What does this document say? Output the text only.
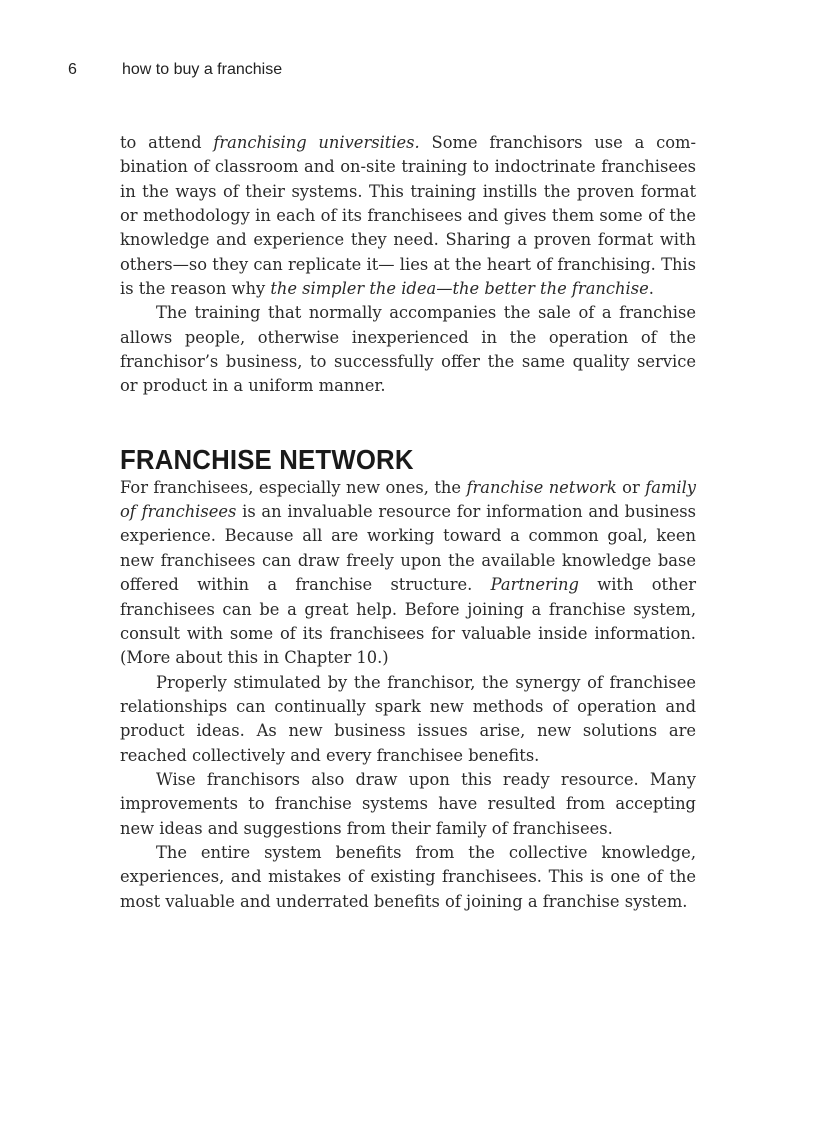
6	how to buy a franchise

to attend franchising universities. Some franchisors use a combination of classroom and on-site training to indoctrinate franchisees in the ways of their systems. This training instills the proven format or methodology in each of its franchisees and gives them some of the knowledge and experience they need. Sharing a proven format with others—so they can replicate it— lies at the heart of franchising. This is the reason why the simpler the idea—the better the franchise.

The training that normally accompanies the sale of a franchise allows people, otherwise inexperienced in the operation of the franchisor’s business, to successfully offer the same quality service or product in a uniform manner.

FRANCHISE NETWORK

For franchisees, especially new ones, the franchise network or family of franchisees is an invaluable resource for information and business experience. Because all are working toward a common goal, keen new franchisees can draw freely upon the available knowledge base offered within a franchise structure. Partnering with other franchisees can be a great help. Before joining a franchise system, consult with some of its franchisees for valuable inside information. (More about this in Chapter 10.)

Properly stimulated by the franchisor, the synergy of franchisee relationships can continually spark new methods of operation and product ideas. As new business issues arise, new solutions are reached collectively and every franchisee benefits.

Wise franchisors also draw upon this ready resource. Many improvements to franchise systems have resulted from accepting new ideas and suggestions from their family of franchisees.

The entire system benefits from the collective knowledge, experiences, and mistakes of existing franchisees. This is one of the most valuable and underrated benefits of joining a franchise system.
